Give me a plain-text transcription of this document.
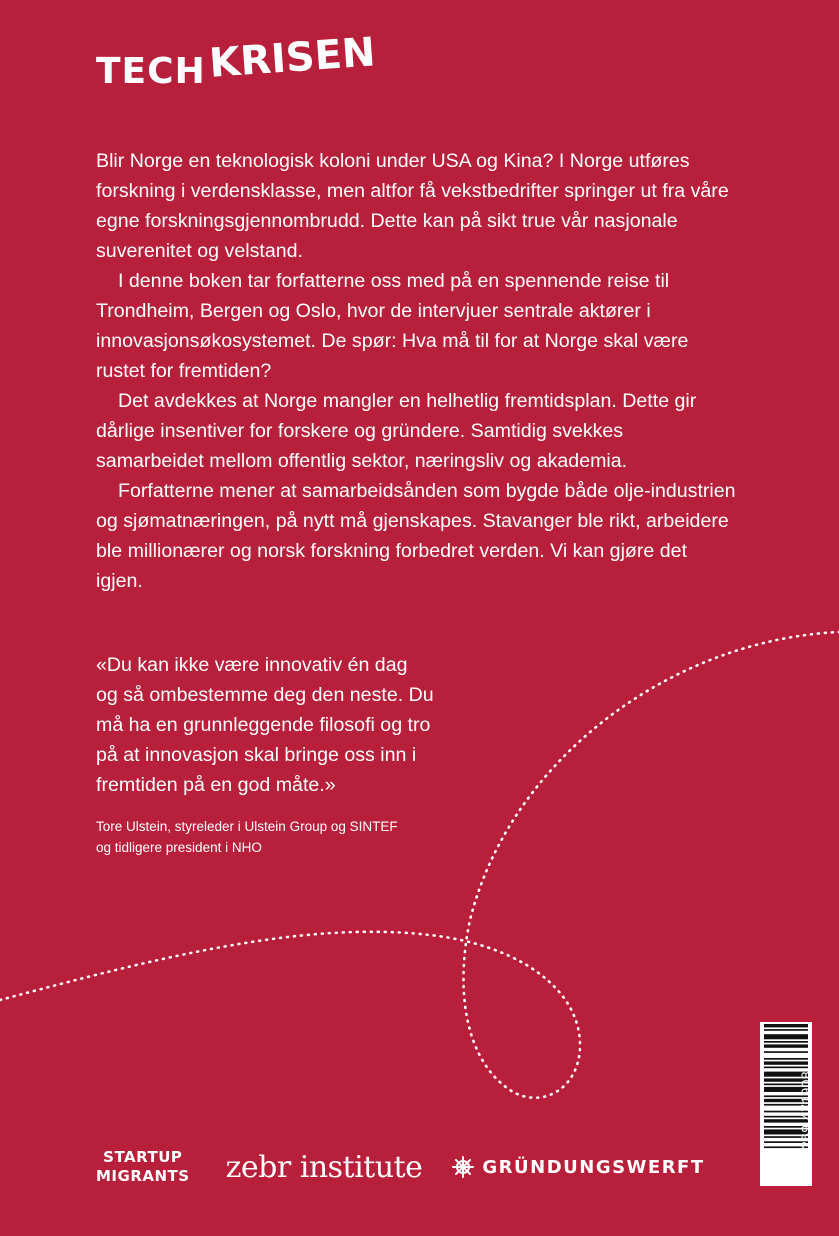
TECH KRISEN

Blir Norge en teknologisk koloni under USA og Kina? I Norge utføres forskning i verdensklasse, men altfor få vekstbedrifter springer ut fra våre egne forskningsgjennombrudd. Dette kan på sikt true vår nasjonale suverenitet og velstand.

I denne boken tar forfatterne oss med på en spennende reise til Trondheim, Bergen og Oslo, hvor de intervjuer sentrale aktører i innovasjonsøkosystemet. De spør: Hva må til for at Norge skal være rustet for fremtiden?

Det avdekkes at Norge mangler en helhetlig fremtidsplan. Dette gir dårlige insentiver for forskere og gründere. Samtidig svekkes samarbeidet mellom offentlig sektor, næringsliv og akademia.

Forfatterne mener at samarbeidsånden som bygde både olje-industrien og sjømatnæringen, på nytt må gjenskapes. Stavanger ble rikt, arbeidere ble millionærer og norsk forskning forbedret verden. Vi kan gjøre det igjen.

«Du kan ikke være innovativ én dag
og så ombestemme deg den neste. Du
må ha en grunnleggende filosofi og tro
på at innovasjon skal bringe oss inn i
fremtiden på en god måte.»
Tore Ulstein, styreleder i Ulstein Group og SINTEF
og tidligere president i NHO
STARTUP
MIGRANTS zebr institute	GRÜNDUNGSWERFT	9 788269 471908
